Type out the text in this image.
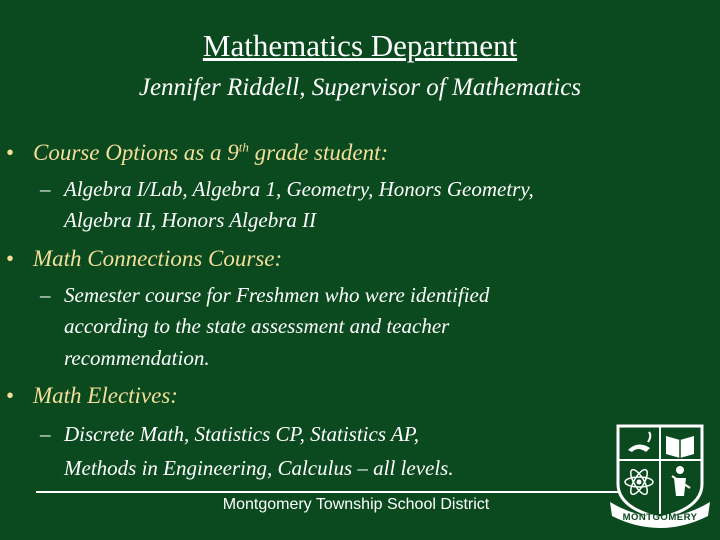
Mathematics Department
Jennifer Riddell, Supervisor of Mathematics
• Course Options as a 9th grade student:
– Algebra I/Lab, Algebra 1, Geometry, Honors Geometry,
Algebra II, Honors Algebra II
• Math Connections Course:
– Semester course for Freshmen who were identified
according to the state assessment and teacher
recommendation.
• Math Electives:
– Discrete Math, Statistics CP, Statistics AP,
Methods in Engineering, Calculus – all levels.
Montgomery Township School District
MONTGOMERY
